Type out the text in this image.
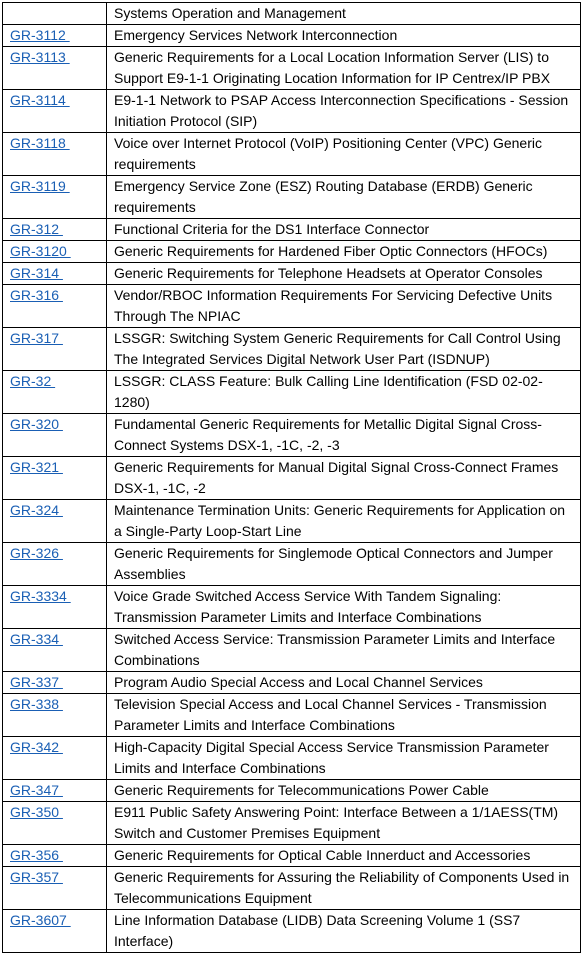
	Systems Operation and Management
GR-3112	Emergency Services Network Interconnection
GR-3113	Generic Requirements for a Local Location Information Server (LIS) to Support E9-1-1 Originating Location Information for IP Centrex/IP PBX
GR-3114	E9-1-1 Network to PSAP Access Interconnection Specifications - Session Initiation Protocol (SIP)
GR-3118	Voice over Internet Protocol (VoIP) Positioning Center (VPC) Generic requirements
GR-3119	Emergency Service Zone (ESZ) Routing Database (ERDB) Generic requirements
GR-312	Functional Criteria for the DS1 Interface Connector
GR-3120	Generic Requirements for Hardened Fiber Optic Connectors (HFOCs)
GR-314	Generic Requirements for Telephone Headsets at Operator Consoles
GR-316	Vendor/RBOC Information Requirements For Servicing Defective Units Through The NPIAC
GR-317	LSSGR: Switching System Generic Requirements for Call Control Using The Integrated Services Digital Network User Part (ISDNUP)
GR-32	LSSGR: CLASS Feature: Bulk Calling Line Identification (FSD 02-02-1280)
GR-320	Fundamental Generic Requirements for Metallic Digital Signal Cross-Connect Systems DSX-1, -1C, -2, -3
GR-321	Generic Requirements for Manual Digital Signal Cross-Connect Frames DSX-1, -1C, -2
GR-324	Maintenance Termination Units: Generic Requirements for Application on a Single-Party Loop-Start Line
GR-326	Generic Requirements for Singlemode Optical Connectors and Jumper Assemblies
GR-3334	Voice Grade Switched Access Service With Tandem Signaling: Transmission Parameter Limits and Interface Combinations
GR-334	Switched Access Service: Transmission Parameter Limits and Interface Combinations
GR-337	Program Audio Special Access and Local Channel Services
GR-338	Television Special Access and Local Channel Services - Transmission Parameter Limits and Interface Combinations
GR-342	High-Capacity Digital Special Access Service Transmission Parameter Limits and Interface Combinations
GR-347	Generic Requirements for Telecommunications Power Cable
GR-350	E911 Public Safety Answering Point: Interface Between a 1/1AESS(TM) Switch and Customer Premises Equipment
GR-356	Generic Requirements for Optical Cable Innerduct and Accessories
GR-357	Generic Requirements for Assuring the Reliability of Components Used in Telecommunications Equipment
GR-3607	Line Information Database (LIDB) Data Screening Volume 1 (SS7 Interface)
